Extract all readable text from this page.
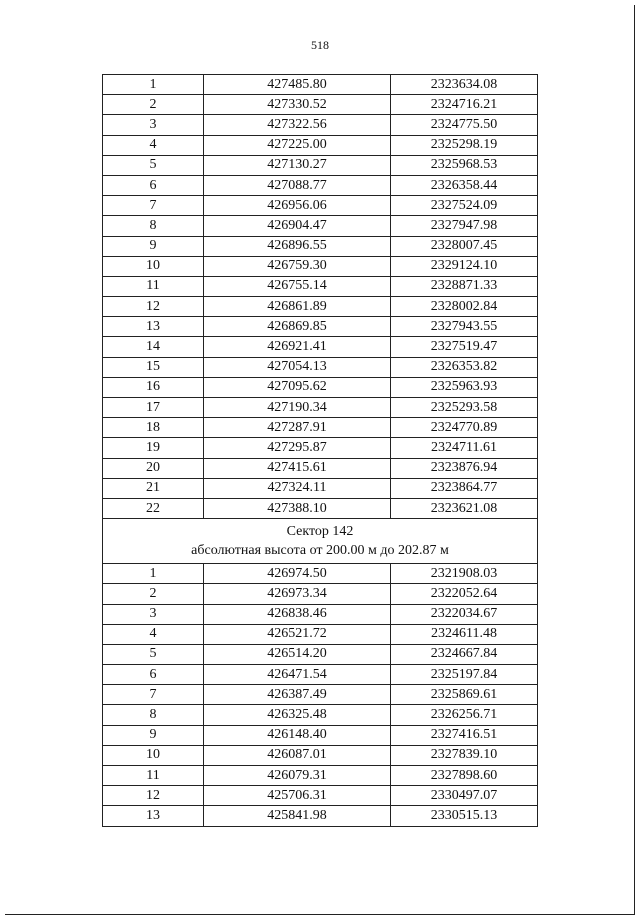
518
1	427485.80	2323634.08
2	427330.52	2324716.21
3	427322.56	2324775.50
4	427225.00	2325298.19
5	427130.27	2325968.53
6	427088.77	2326358.44
7	426956.06	2327524.09
8	426904.47	2327947.98
9	426896.55	2328007.45
10	426759.30	2329124.10
11	426755.14	2328871.33
12	426861.89	2328002.84
13	426869.85	2327943.55
14	426921.41	2327519.47
15	427054.13	2326353.82
16	427095.62	2325963.93
17	427190.34	2325293.58
18	427287.91	2324770.89
19	427295.87	2324711.61
20	427415.61	2323876.94
21	427324.11	2323864.77
22	427388.10	2323621.08

Сектор 142
абсолютная высота от 200.00 м до 202.87 м		

1	426974.50	2321908.03
2	426973.34	2322052.64
3	426838.46	2322034.67
4	426521.72	2324611.48
5	426514.20	2324667.84
6	426471.54	2325197.84
7	426387.49	2325869.61
8	426325.48	2326256.71
9	426148.40	2327416.51
10	426087.01	2327839.10
11	426079.31	2327898.60
12	425706.31	2330497.07
13	425841.98	2330515.13
